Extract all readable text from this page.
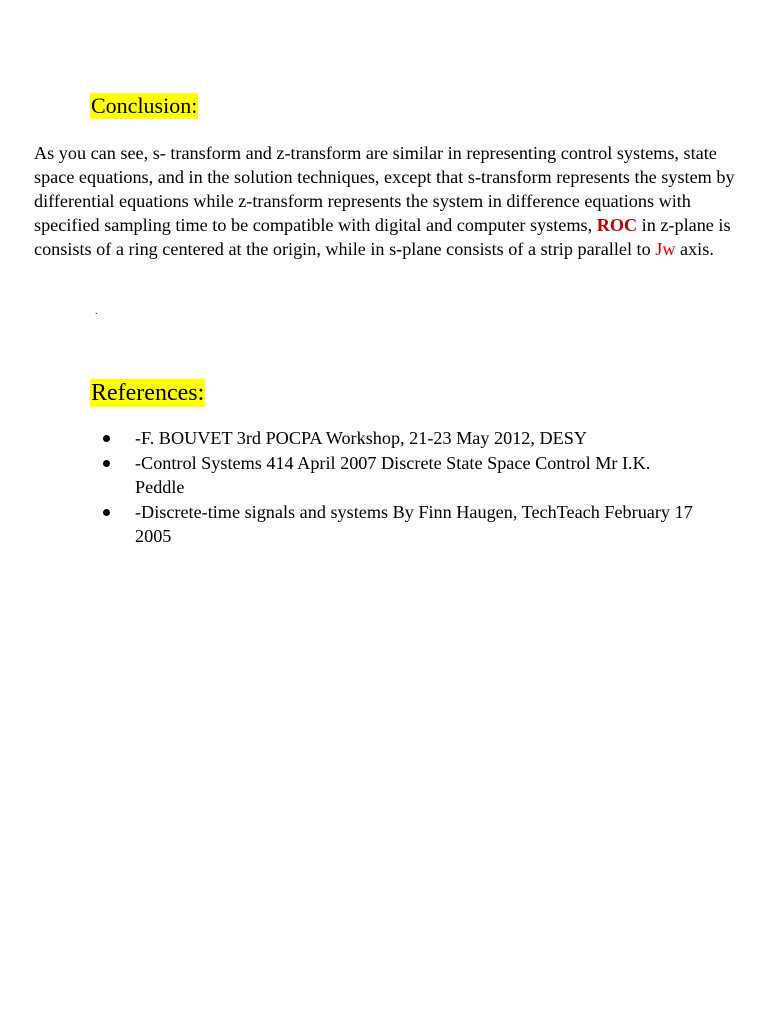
Conclusion:

As you can see, s- transform and z-transform are similar in representing control systems, state space equations, and in the solution techniques, except that s-transform represents the system by differential equations while z-transform represents the system in difference equations with specified sampling time to be compatible with digital and computer systems, ROC in z-plane is consists of a ring centered at the origin, while in s-plane consists of a strip parallel to Jw axis.

.
References:
-F. BOUVET 3rd POCPA Workshop, 21-23 May 2012, DESY
-Control Systems 414 April 2007 Discrete State Space Control Mr I.K. Peddle
-Discrete-time signals and systems By Finn Haugen, TechTeach February 17 2005
